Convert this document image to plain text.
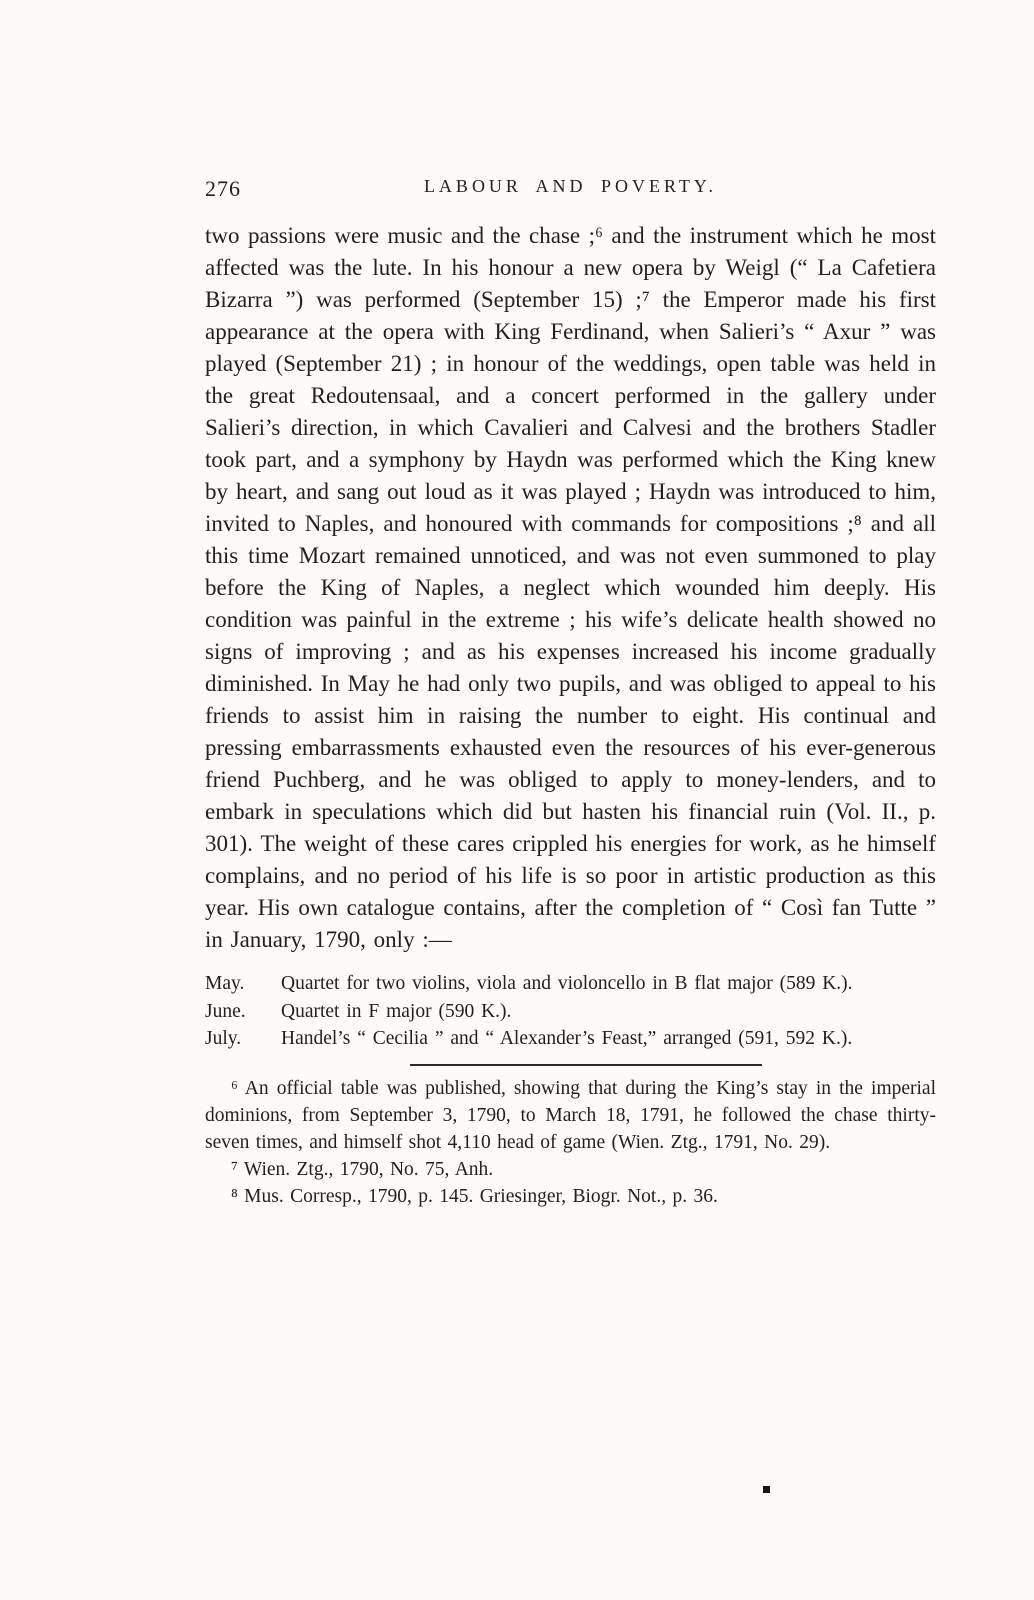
276	LABOUR AND POVERTY.

two passions were music and the chase ;⁶ and the instrument which he most affected was the lute. In his honour a new opera by Weigl (“ La Cafetiera Bizarra ”) was performed (September 15) ;⁷ the Emperor made his first appearance at the opera with King Ferdinand, when Salieri’s “ Axur ” was played (September 21) ; in honour of the weddings, open table was held in the great Redoutensaal, and a concert performed in the gallery under Salieri’s direction, in which Cavalieri and Calvesi and the brothers Stadler took part, and a symphony by Haydn was performed which the King knew by heart, and sang out loud as it was played ; Haydn was introduced to him, invited to Naples, and honoured with commands for compositions ;⁸ and all this time Mozart remained unnoticed, and was not even summoned to play before the King of Naples, a neglect which wounded him deeply. His condition was painful in the extreme ; his wife’s delicate health showed no signs of improving ; and as his expenses increased his income gradually diminished. In May he had only two pupils, and was obliged to appeal to his friends to assist him in raising the number to eight. His continual and pressing embarrassments exhausted even the resources of his ever-generous friend Puchberg, and he was obliged to apply to money-lenders, and to embark in speculations which did but hasten his financial ruin (Vol. II., p. 301). The weight of these cares crippled his energies for work, as he himself complains, and no period of his life is so poor in artistic production as this year. His own catalogue contains, after the completion of “ Così fan Tutte ” in January, 1790, only :—

May.	Quartet for two violins, viola and violoncello in B flat major (589 K.).
June.	Quartet in F major (590 K.).
July.	Handel’s “ Cecilia ” and “ Alexander’s Feast,” arranged (591, 592 K.).

⁶ An official table was published, showing that during the King’s stay in the imperial dominions, from September 3, 1790, to March 18, 1791, he followed the chase thirty-seven times, and himself shot 4,110 head of game (Wien. Ztg., 1791, No. 29).

⁷ Wien. Ztg., 1790, No. 75, Anh.

⁸ Mus. Corresp., 1790, p. 145. Griesinger, Biogr. Not., p. 36.
